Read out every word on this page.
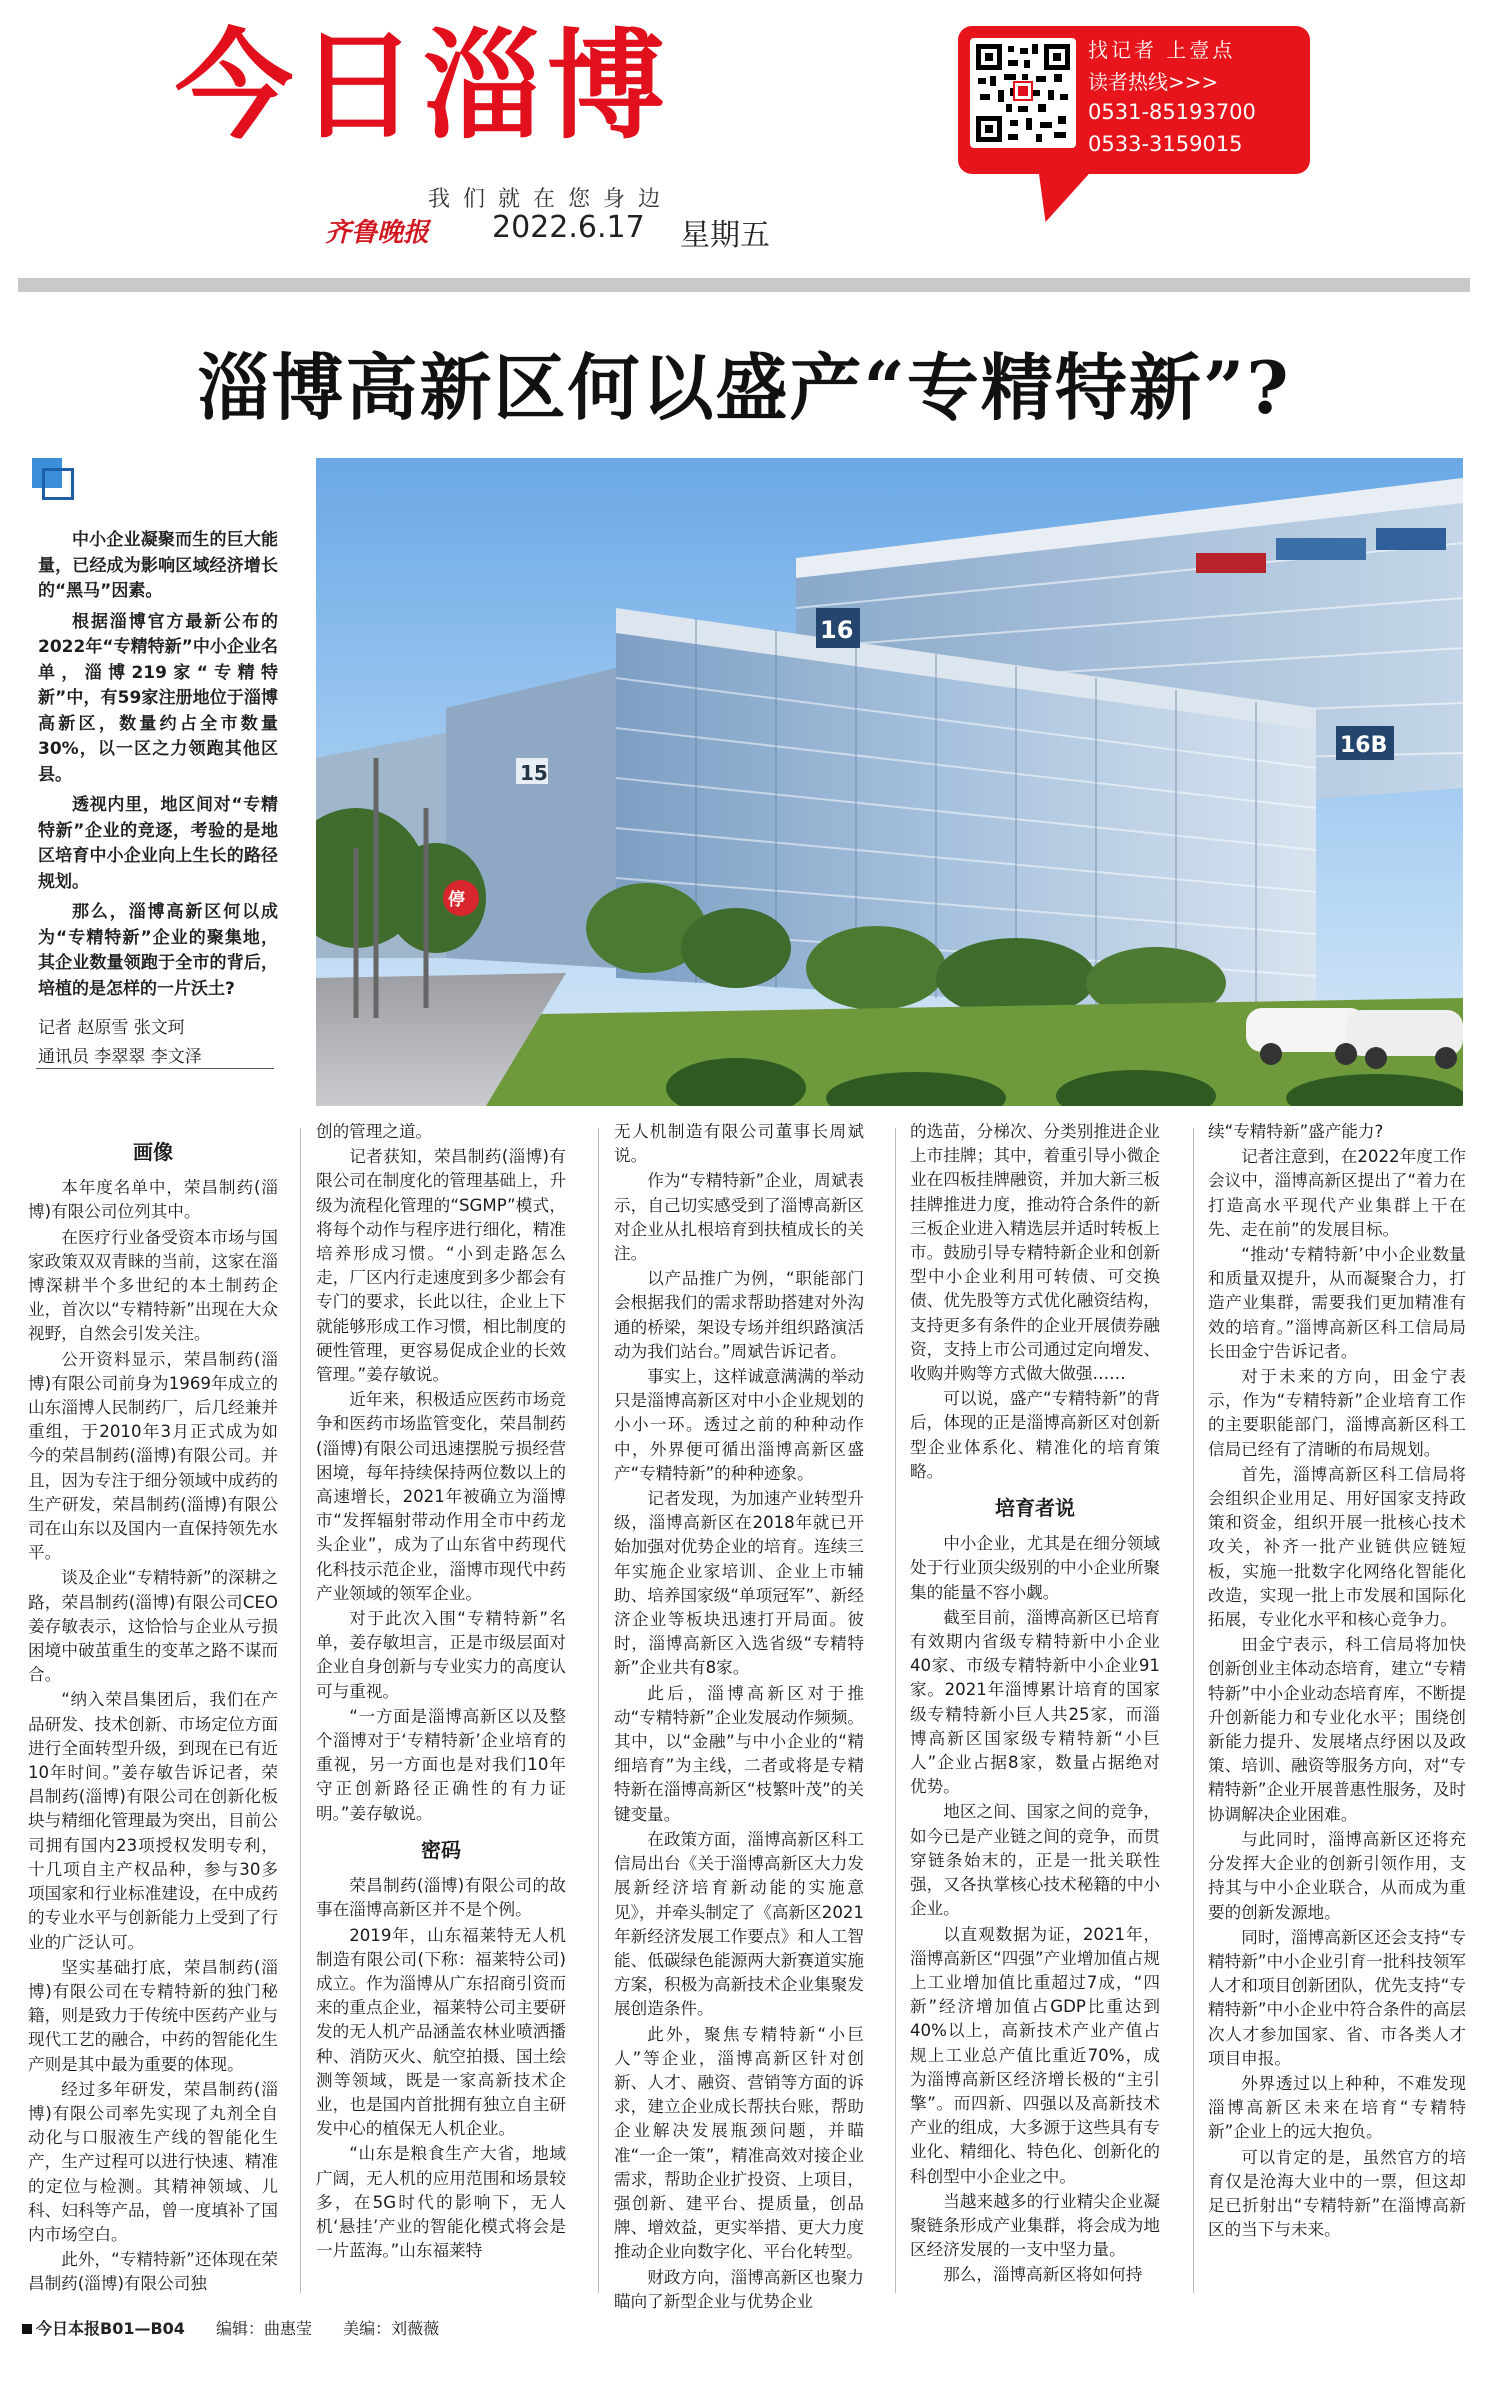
今日淄博
我们就在您身边
齐鲁晚报 2022.6.17 星期五
找记者 上壹点
读者热线>>>
0531-85193700
0533-3159015
淄博高新区何以盛产“专精特新”?

中小企业凝聚而生的巨大能量，已经成为影响区域经济增长的“黑马”因素。

根据淄博官方最新公布的2022年“专精特新”中小企业名单，淄博219家“专精特新”中，有59家注册地位于淄博高新区，数量约占全市数量30%，以一区之力领跑其他区县。

透视内里，地区间对“专精特新”企业的竞逐，考验的是地区培育中小企业向上生长的路径规划。

那么，淄博高新区何以成为“专精特新”企业的聚集地，其企业数量领跑于全市的背后，培植的是怎样的一片沃土?

记者 赵原雪 张文珂
通讯员 李翠翠 李文泽
15
16
16B
停
画像

本年度名单中，荣昌制药(淄博)有限公司位列其中。

在医疗行业备受资本市场与国家政策双双青睐的当前，这家在淄博深耕半个多世纪的本土制药企业，首次以“专精特新”出现在大众视野，自然会引发关注。

公开资料显示，荣昌制药(淄博)有限公司前身为1969年成立的山东淄博人民制药厂，后几经兼并重组，于2010年3月正式成为如今的荣昌制药(淄博)有限公司。并且，因为专注于细分领域中成药的生产研发，荣昌制药(淄博)有限公司在山东以及国内一直保持领先水平。

谈及企业“专精特新”的深耕之路，荣昌制药(淄博)有限公司CEO姜存敏表示，这恰恰与企业从亏损困境中破茧重生的变革之路不谋而合。

“纳入荣昌集团后，我们在产品研发、技术创新、市场定位方面进行全面转型升级，到现在已有近10年时间。”姜存敏告诉记者，荣昌制药(淄博)有限公司在创新化板块与精细化管理最为突出，目前公司拥有国内23项授权发明专利，十几项自主产权品种，参与30多项国家和行业标准建设，在中成药的专业水平与创新能力上受到了行业的广泛认可。

坚实基础打底，荣昌制药(淄博)有限公司在专精特新的独门秘籍，则是致力于传统中医药产业与现代工艺的融合，中药的智能化生产则是其中最为重要的体现。

经过多年研发，荣昌制药(淄博)有限公司率先实现了丸剂全自动化与口服液生产线的智能化生产，生产过程可以进行快速、精准的定位与检测。其精神领域、儿科、妇科等产品，曾一度填补了国内市场空白。

此外，“专精特新”还体现在荣昌制药(淄博)有限公司独

创的管理之道。

记者获知，荣昌制药(淄博)有限公司在制度化的管理基础上，升级为流程化管理的“SGMP”模式，将每个动作与程序进行细化，精准培养形成习惯。“小到走路怎么走，厂区内行走速度到多少都会有专门的要求，长此以往，企业上下就能够形成工作习惯，相比制度的硬性管理，更容易促成企业的长效管理。”姜存敏说。

近年来，积极适应医药市场竞争和医药市场监管变化，荣昌制药(淄博)有限公司迅速摆脱亏损经营困境，每年持续保持两位数以上的高速增长，2021年被确立为淄博市“发挥辐射带动作用全市中药龙头企业”，成为了山东省中药现代化科技示范企业，淄博市现代中药产业领域的领军企业。

对于此次入围“专精特新”名单，姜存敏坦言，正是市级层面对企业自身创新与专业实力的高度认可与重视。

“一方面是淄博高新区以及整个淄博对于‘专精特新’企业培育的重视，另一方面也是对我们10年守正创新路径正确性的有力证明。”姜存敏说。

密码

荣昌制药(淄博)有限公司的故事在淄博高新区并不是个例。

2019年，山东福莱特无人机制造有限公司(下称：福莱特公司)成立。作为淄博从广东招商引资而来的重点企业，福莱特公司主要研发的无人机产品涵盖农林业喷洒播种、消防灭火、航空拍摄、国土绘测等领域，既是一家高新技术企业，也是国内首批拥有独立自主研发中心的植保无人机企业。

“山东是粮食生产大省，地域广阔，无人机的应用范围和场景较多，在5G时代的影响下，无人机‘悬挂’产业的智能化模式将会是一片蓝海。”山东福莱特

无人机制造有限公司董事长周斌说。

作为“专精特新”企业，周斌表示，自己切实感受到了淄博高新区对企业从扎根培育到扶植成长的关注。

以产品推广为例，“职能部门会根据我们的需求帮助搭建对外沟通的桥梁，架设专场并组织路演活动为我们站台。”周斌告诉记者。

事实上，这样诚意满满的举动只是淄博高新区对中小企业规划的小小一环。透过之前的种种动作中，外界便可循出淄博高新区盛产“专精特新”的种种迹象。

记者发现，为加速产业转型升级，淄博高新区在2018年就已开始加强对优势企业的培育。连续三年实施企业家培训、企业上市辅助、培养国家级“单项冠军”、新经济企业等板块迅速打开局面。彼时，淄博高新区入选省级“专精特新”企业共有8家。

此后，淄博高新区对于推动“专精特新”企业发展动作频频。其中，以“金融”与中小企业的“精细培育”为主线，二者或将是专精特新在淄博高新区“枝繁叶茂”的关键变量。

在政策方面，淄博高新区科工信局出台《关于淄博高新区大力发展新经济培育新动能的实施意见》，并牵头制定了《高新区2021年新经济发展工作要点》和人工智能、低碳绿色能源两大新赛道实施方案，积极为高新技术企业集聚发展创造条件。

此外，聚焦专精特新“小巨人”等企业，淄博高新区针对创新、人才、融资、营销等方面的诉求，建立企业成长帮扶台账，帮助企业解决发展瓶颈问题，并瞄准“一企一策”，精准高效对接企业需求，帮助企业扩投资、上项目，强创新、建平台、提质量，创品牌、增效益，更实举措、更大力度推动企业向数字化、平台化转型。

财政方向，淄博高新区也聚力瞄向了新型企业与优势企业

的选苗，分梯次、分类别推进企业上市挂牌；其中，着重引导小微企业在四板挂牌融资，并加大新三板挂牌推进力度，推动符合条件的新三板企业进入精选层并适时转板上市。鼓励引导专精特新企业和创新型中小企业利用可转债、可交换债、优先股等方式优化融资结构，支持更多有条件的企业开展债券融资，支持上市公司通过定向增发、收购并购等方式做大做强……

可以说，盛产“专精特新”的背后，体现的正是淄博高新区对创新型企业体系化、精准化的培育策略。

培育者说

中小企业，尤其是在细分领域处于行业顶尖级别的中小企业所聚集的能量不容小觑。

截至目前，淄博高新区已培育有效期内省级专精特新中小企业40家、市级专精特新中小企业91家。2021年淄博累计培育的国家级专精特新小巨人共25家，而淄博高新区国家级专精特新“小巨人”企业占据8家，数量占据绝对优势。

地区之间、国家之间的竞争，如今已是产业链之间的竞争，而贯穿链条始末的，正是一批关联性强，又各执掌核心技术秘籍的中小企业。

以直观数据为证，2021年，淄博高新区“四强”产业增加值占规上工业增加值比重超过7成，“四新”经济增加值占GDP比重达到40%以上，高新技术产业产值占规上工业总产值比重近70%，成为淄博高新区经济增长极的“主引擎”。而四新、四强以及高新技术产业的组成，大多源于这些具有专业化、精细化、特色化、创新化的科创型中小企业之中。

当越来越多的行业精尖企业凝聚链条形成产业集群，将会成为地区经济发展的一支中坚力量。

那么，淄博高新区将如何持

续“专精特新”盛产能力?

记者注意到，在2022年度工作会议中，淄博高新区提出了“着力在打造高水平现代产业集群上干在先、走在前”的发展目标。

“推动‘专精特新’中小企业数量和质量双提升，从而凝聚合力，打造产业集群，需要我们更加精准有效的培育。”淄博高新区科工信局局长田金宁告诉记者。

对于未来的方向，田金宁表示，作为“专精特新”企业培育工作的主要职能部门，淄博高新区科工信局已经有了清晰的布局规划。

首先，淄博高新区科工信局将会组织企业用足、用好国家支持政策和资金，组织开展一批核心技术攻关，补齐一批产业链供应链短板，实施一批数字化网络化智能化改造，实现一批上市发展和国际化拓展，专业化水平和核心竞争力。

田金宁表示，科工信局将加快创新创业主体动态培育，建立“专精特新”中小企业动态培育库，不断提升创新能力和专业化水平；围绕创新能力提升、发展堵点纾困以及政策、培训、融资等服务方向，对“专精特新”企业开展普惠性服务，及时协调解决企业困难。

与此同时，淄博高新区还将充分发挥大企业的创新引领作用，支持其与中小企业联合，从而成为重要的创新发源地。

同时，淄博高新区还会支持“专精特新”中小企业引育一批科技领军人才和项目创新团队，优先支持“专精特新”中小企业中符合条件的高层次人才参加国家、省、市各类人才项目申报。

外界透过以上种种，不难发现淄博高新区未来在培育“专精特新”企业上的远大抱负。

可以肯定的是，虽然官方的培育仅是沧海大业中的一票，但这却足已折射出“专精特新”在淄博高新区的当下与未来。

今日本报B01—B04 编辑：曲惠莹 美编：刘薇薇
